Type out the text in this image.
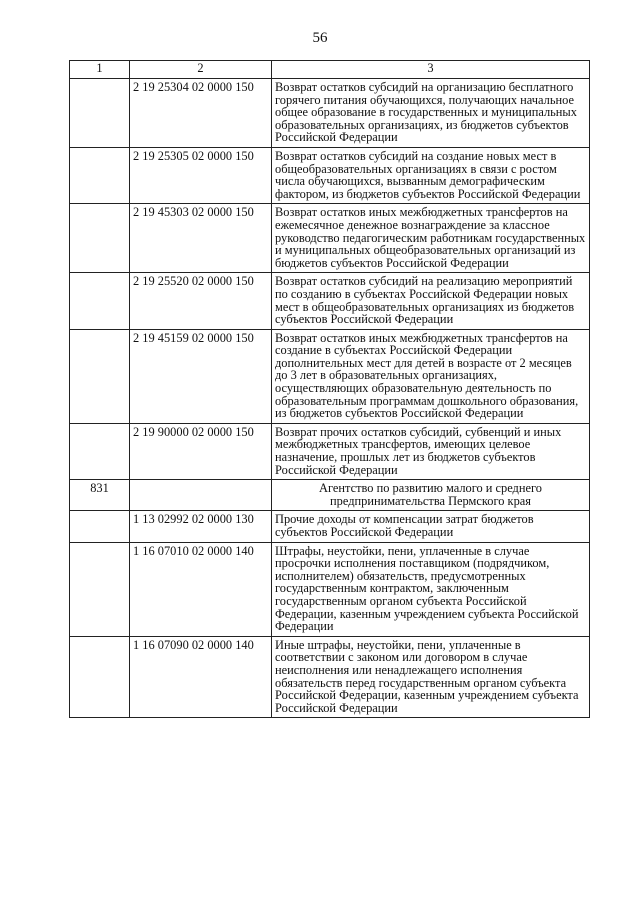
56
1	2	3
	2 19 25304 02 0000 150	Возврат остатков субсидий на организацию бесплатного горячего питания обучающихся, получающих начальное общее образование в государственных и муниципальных образовательных организациях, из бюджетов субъектов Российской Федерации
	2 19 25305 02 0000 150	Возврат остатков субсидий на создание новых мест в общеобразовательных организациях в связи с ростом числа обучающихся, вызванным демографическим фактором, из бюджетов субъектов Российской Федерации
	2 19 45303 02 0000 150	Возврат остатков иных межбюджетных трансфертов на ежемесячное денежное вознаграждение за классное руководство педагогическим работникам государственных и муниципальных общеобразовательных организаций из бюджетов субъектов Российской Федерации
	2 19 25520 02 0000 150	Возврат остатков субсидий на реализацию мероприятий по созданию в субъектах Российской Федерации новых мест в общеобразовательных организациях из бюджетов субъектов Российской Федерации
	2 19 45159 02 0000 150	Возврат остатков иных межбюджетных трансфертов на создание в субъектах Российской Федерации дополнительных мест для детей в возрасте от 2 месяцев до 3 лет в образовательных организациях, осуществляющих образовательную деятельность по образовательным программам дошкольного образования, из бюджетов субъектов Российской Федерации
	2 19 90000 02 0000 150	Возврат прочих остатков субсидий, субвенций и иных межбюджетных трансфертов, имеющих целевое назначение, прошлых лет из бюджетов субъектов Российской Федерации
831		Агентство по развитию малого и среднего предпринимательства Пермского края
	1 13 02992 02 0000 130	Прочие доходы от компенсации затрат бюджетов субъектов Российской Федерации
	1 16 07010 02 0000 140	Штрафы, неустойки, пени, уплаченные в случае просрочки исполнения поставщиком (подрядчиком, исполнителем) обязательств, предусмотренных государственным контрактом, заключенным государственным органом субъекта Российской Федерации, казенным учреждением субъекта Российской Федерации
	1 16 07090 02 0000 140	Иные штрафы, неустойки, пени, уплаченные в соответствии с законом или договором в случае неисполнения или ненадлежащего исполнения обязательств перед государственным органом субъекта Российской Федерации, казенным учреждением субъекта Российской Федерации
